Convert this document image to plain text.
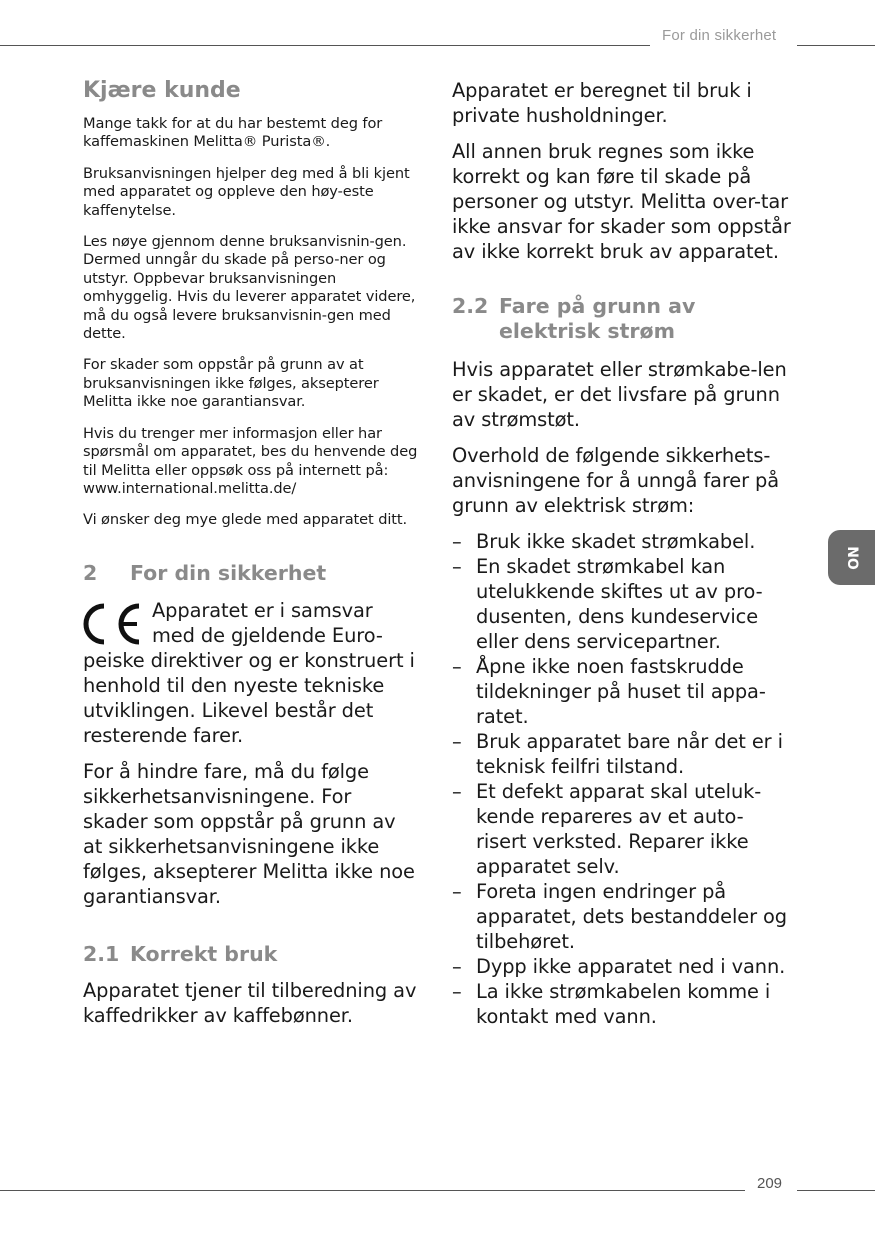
For din sikkerhet
NO
Kjære kunde

Mange takk for at du har bestemt deg for kaffemaskinen Melitta® Purista®.

Bruksanvisningen hjelper deg med å bli kjent med apparatet og oppleve den høy-este kaffenytelse.

Les nøye gjennom denne bruksanvisnin-gen. Dermed unngår du skade på perso-ner og utstyr. Oppbevar bruksanvisningen omhyggelig. Hvis du leverer apparatet videre, må du også levere bruksanvisnin-gen med dette.

For skader som oppstår på grunn av at bruksanvisningen ikke følges, aksepterer Melitta ikke noe garantiansvar.

Hvis du trenger mer informasjon eller har spørsmål om apparatet, bes du henvende deg til Melitta eller oppsøk oss på internett på:
www.international.melitta.de/

Vi ønsker deg mye glede med apparatet ditt.

2	For din sikkerhet

Apparatet er i samsvar med de gjeldende Euro-peiske direktiver og er konstruert i henhold til den nyeste tekniske utviklingen. Likevel består det resterende farer.

For å hindre fare, må du følge sikkerhetsanvisningene. For skader som oppstår på grunn av at sikkerhetsanvisningene ikke følges, aksepterer Melitta ikke noe garantiansvar.

2.1 Korrekt bruk

Apparatet tjener til tilberedning av kaffedrikker av kaffebønner.

Apparatet er beregnet til bruk i private husholdninger.

All annen bruk regnes som ikke korrekt og kan føre til skade på personer og utstyr. Melitta over-tar ikke ansvar for skader som oppstår av ikke korrekt bruk av apparatet.

2.2 Fare på grunn av elektrisk strøm

Hvis apparatet eller strømkabe-len er skadet, er det livsfare på grunn av strømstøt.

Overhold de følgende sikkerhets-anvisningene for å unngå farer på grunn av elektrisk strøm:

– Bruk ikke skadet strømkabel.
– En skadet strømkabel kan utelukkende skiftes ut av pro-dusenten, dens kundeservice eller dens servicepartner.
– Åpne ikke noen fastskrudde tildekninger på huset til appa-ratet.
– Bruk apparatet bare når det er i teknisk feilfri tilstand.
– Et defekt apparat skal uteluk-kende repareres av et auto-risert verksted. Reparer ikke apparatet selv.
– Foreta ingen endringer på apparatet, dets bestanddeler og tilbehøret.
– Dypp ikke apparatet ned i vann.
– La ikke strømkabelen komme i kontakt med vann.
209
